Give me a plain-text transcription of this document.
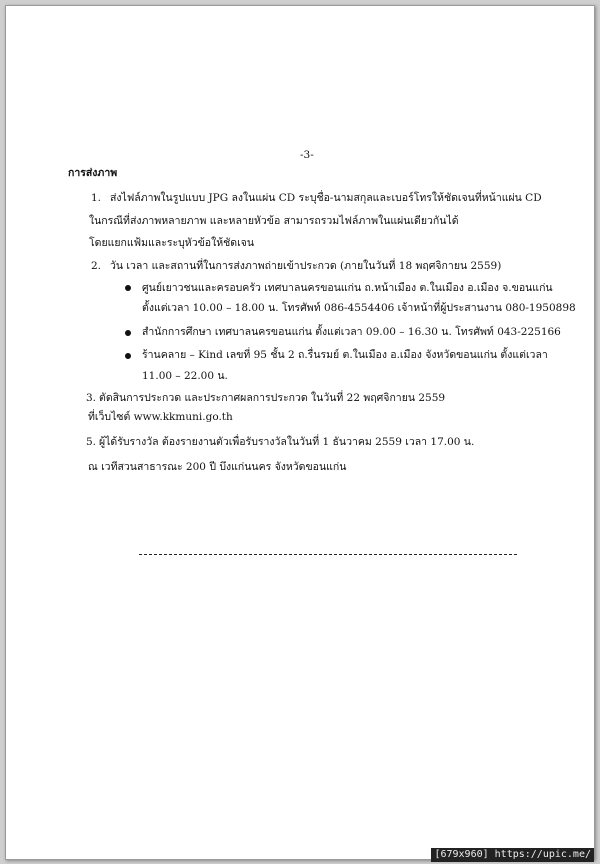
-3-
การส่งภาพ
1. ส่งไฟล์ภาพในรูปแบบ JPG ลงในแผ่น CD ระบุชื่อ-นามสกุลและเบอร์โทรให้ชัดเจนที่หน้าแผ่น CD
ในกรณีที่ส่งภาพหลายภาพ และหลายหัวข้อ สามารถรวมไฟล์ภาพในแผ่นเดียวกันได้
โดยแยกแฟ้มและระบุหัวข้อให้ชัดเจน
2. วัน เวลา และสถานที่ในการส่งภาพถ่ายเข้าประกวด (ภายในวันที่ 18 พฤศจิกายน 2559)
ศูนย์เยาวชนและครอบครัว เทศบาลนครขอนแก่น ถ.หน้าเมือง ต.ในเมือง อ.เมือง จ.ขอนแก่น
ตั้งแต่เวลา 10.00 – 18.00 น. โทรศัพท์ 086-4554406 เจ้าหน้าที่ผู้ประสานงาน 080-1950898
สำนักการศึกษา เทศบาลนครขอนแก่น ตั้งแต่เวลา 09.00 – 16.30 น. โทรศัพท์ 043-225166
ร้านคลาย – Kind เลขที่ 95 ชั้น 2 ถ.รื่นรมย์ ต.ในเมือง อ.เมือง จังหวัดขอนแก่น ตั้งแต่เวลา
11.00 – 22.00 น.
3. ตัดสินการประกวด และประกาศผลการประกวด ในวันที่ 22 พฤศจิกายน 2559
ที่เว็บไซต์ www.kkmuni.go.th
5. ผู้ได้รับรางวัล ต้องรายงานตัวเพื่อรับรางวัลในวันที่ 1 ธันวาคม 2559 เวลา 17.00 น.
ณ เวทีสวนสาธารณะ 200 ปี บึงแก่นนคร จังหวัดขอนแก่น
[679x960] https://upic.me/
